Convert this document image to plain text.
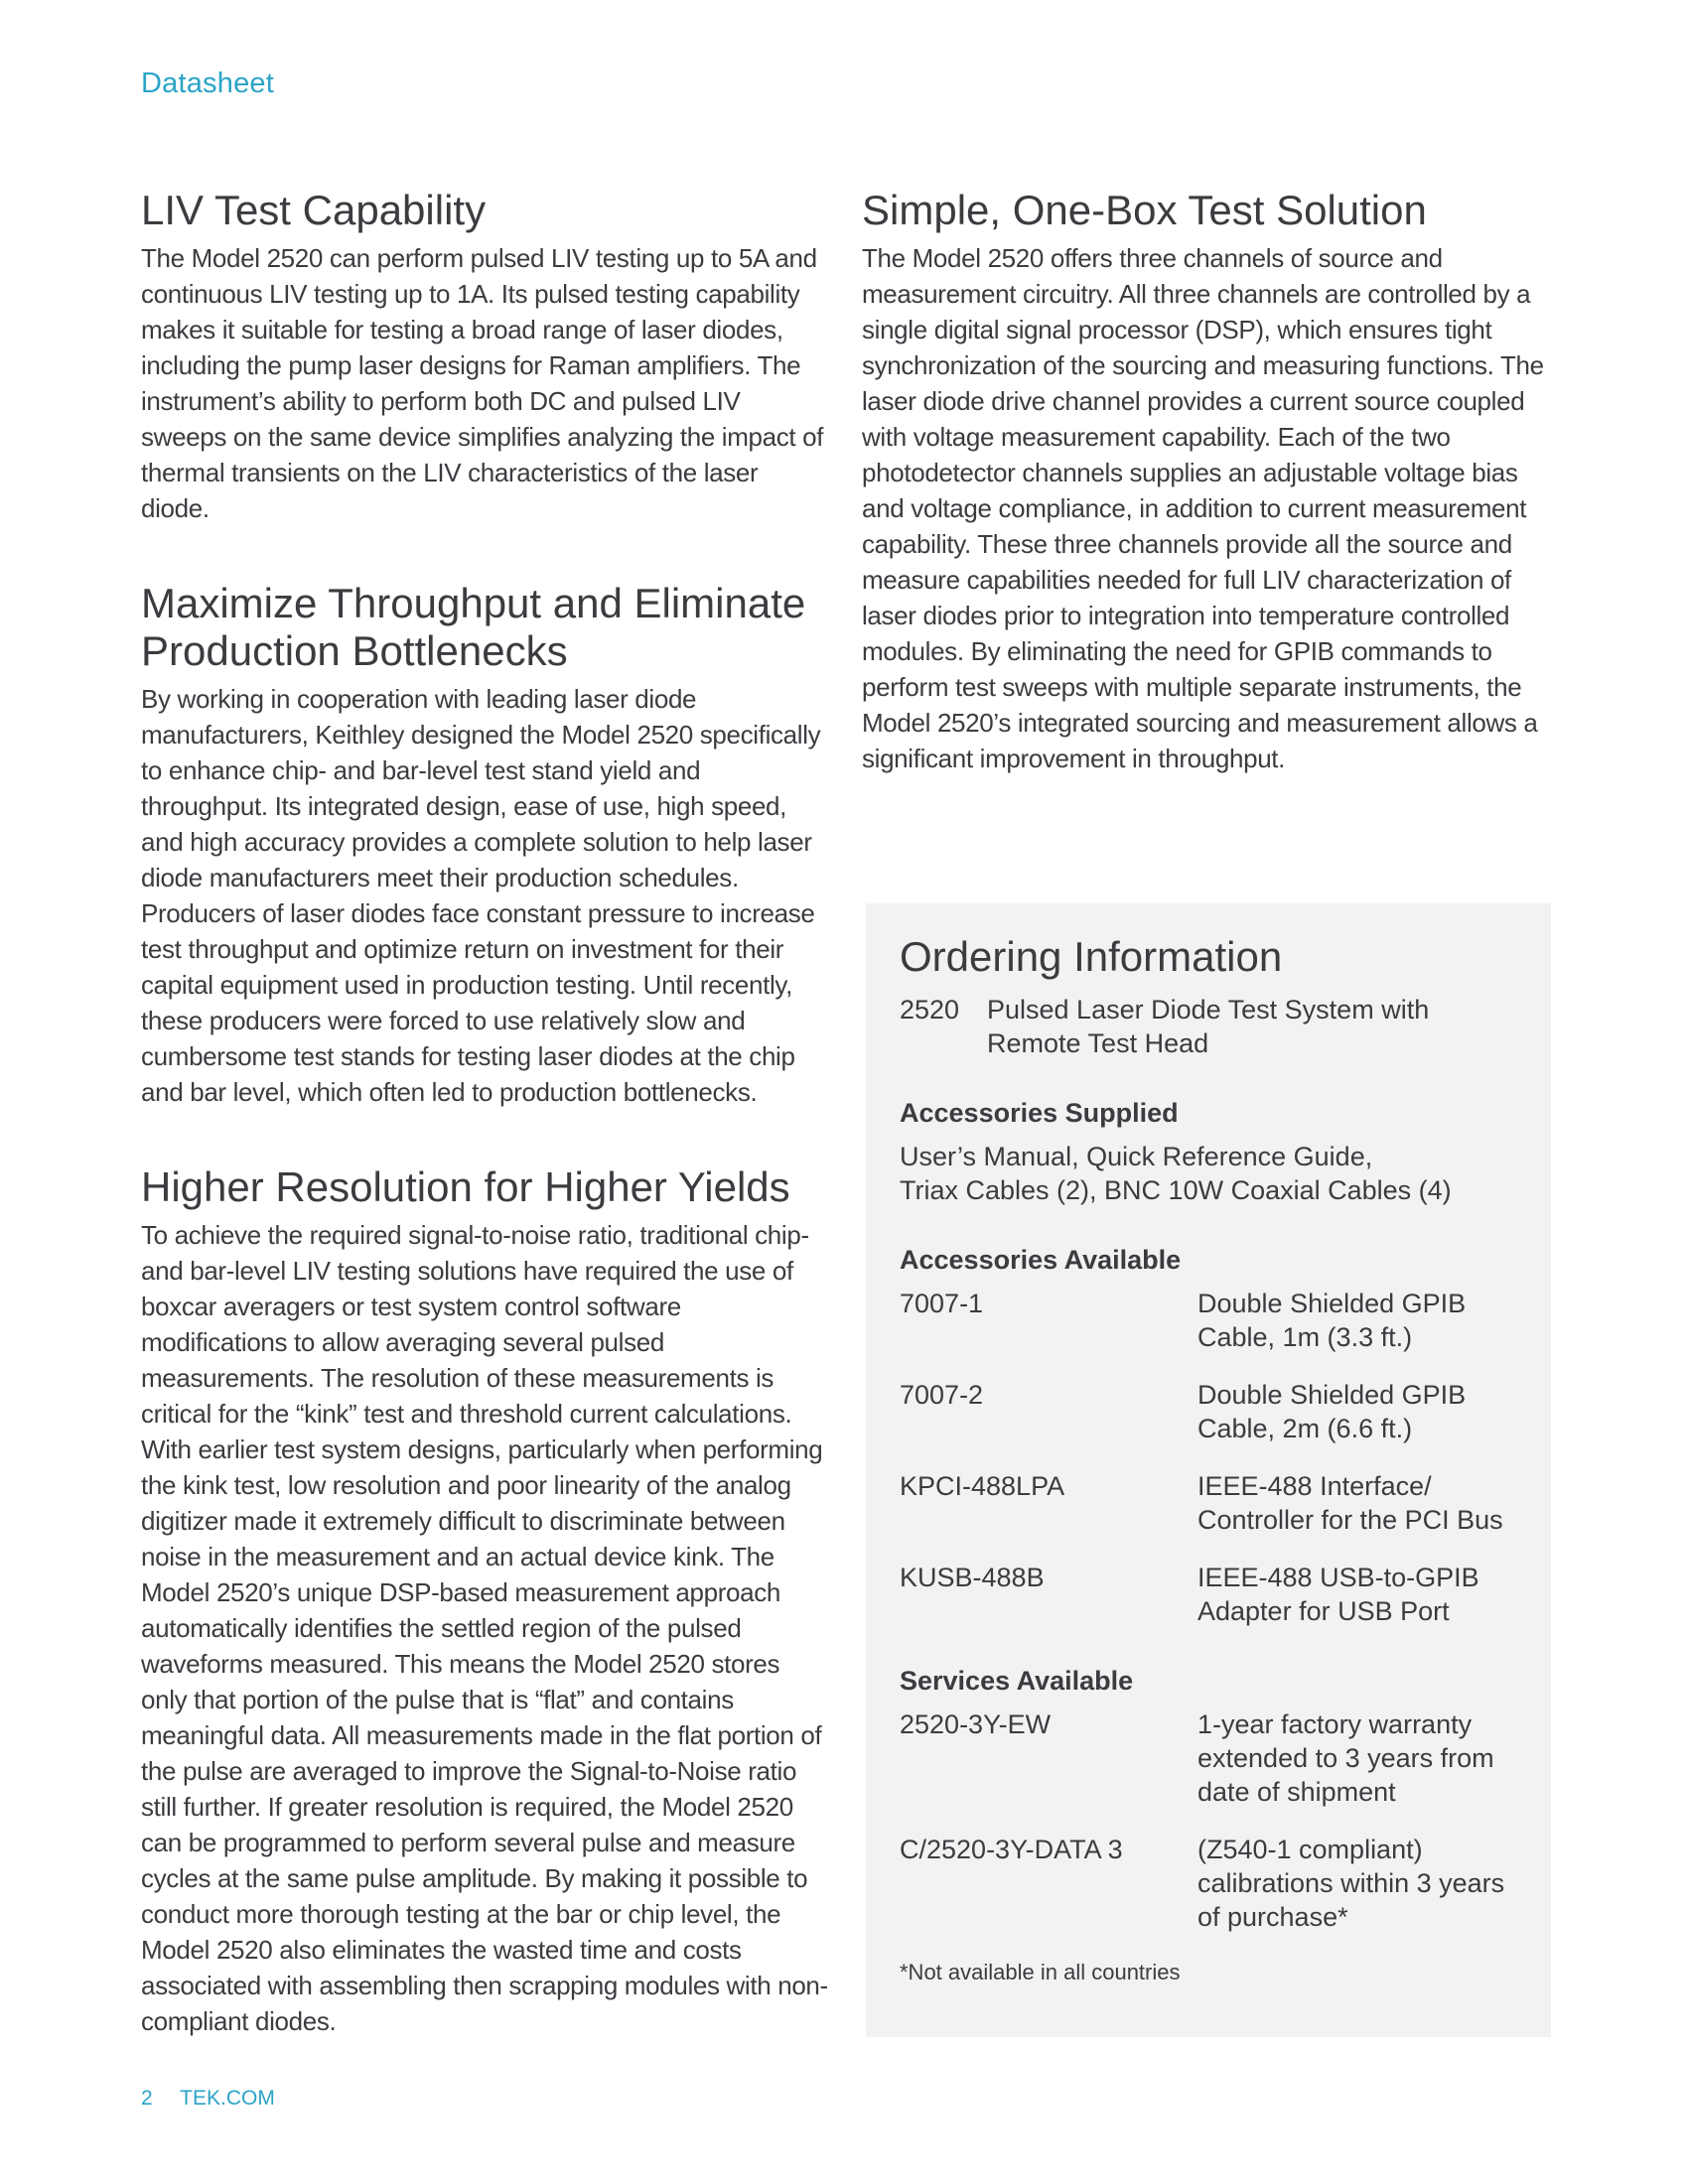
Datasheet
LIV Test Capability

The Model 2520 can perform pulsed LIV testing up to 5A and continuous LIV testing up to 1A. Its pulsed testing capability makes it suitable for testing a broad range of laser diodes, including the pump laser designs for Raman amplifiers. The instrument’s ability to perform both DC and pulsed LIV sweeps on the same device simplifies analyzing the impact of thermal transients on the LIV characteristics of the laser diode.

Maximize Throughput and Eliminate Production Bottlenecks

By working in cooperation with leading laser diode manufacturers, Keithley designed the Model 2520 specifically to enhance chip- and bar-level test stand yield and throughput. Its integrated design, ease of use, high speed, and high accuracy provides a complete solution to help laser diode manufacturers meet their production schedules. Producers of laser diodes face constant pressure to increase test throughput and optimize return on investment for their capital equipment used in production testing. Until recently, these producers were forced to use relatively slow and cumbersome test stands for testing laser diodes at the chip and bar level, which often led to production bottlenecks.

Higher Resolution for Higher Yields

To achieve the required signal-to-noise ratio, traditional chip- and bar-level LIV testing solutions have required the use of boxcar averagers or test system control software modifications to allow averaging several pulsed measurements. The resolution of these measurements is critical for the “kink” test and threshold current calculations. With earlier test system designs, particularly when performing the kink test, low resolution and poor linearity of the analog digitizer made it extremely difficult to discriminate between noise in the measurement and an actual device kink. The Model 2520’s unique DSP-based measurement approach automatically identifies the settled region of the pulsed waveforms measured. This means the Model 2520 stores only that portion of the pulse that is “flat” and contains meaningful data. All measurements made in the flat portion of the pulse are averaged to improve the Signal-to-Noise ratio still further. If greater resolution is required, the Model 2520 can be programmed to perform several pulse and measure cycles at the same pulse amplitude. By making it possible to conduct more thorough testing at the bar or chip level, the Model 2520 also eliminates the wasted time and costs associated with assembling then scrapping modules with non-compliant diodes.

Simple, One-Box Test Solution

The Model 2520 offers three channels of source and measurement circuitry. All three channels are controlled by a single digital signal processor (DSP), which ensures tight synchronization of the sourcing and measuring functions. The laser diode drive channel provides a current source coupled with voltage measurement capability. Each of the two photodetector channels supplies an adjustable voltage bias and voltage compliance, in addition to current measurement capability. These three channels provide all the source and measure capabilities needed for full LIV characterization of laser diodes prior to integration into temperature controlled modules. By eliminating the need for GPIB commands to perform test sweeps with multiple separate instruments, the Model 2520’s integrated sourcing and measurement allows a significant improvement in throughput.

Ordering Information
2520	Pulsed Laser Diode Test System with Remote Test Head
Accessories Supplied
User’s Manual, Quick Reference Guide,
Triax Cables (2), BNC 10W Coaxial Cables (4)
Accessories Available
7007-1	Double Shielded GPIB Cable, 1m (3.3 ft.)
7007-2	Double Shielded GPIB Cable, 2m (6.6 ft.)
KPCI-488LPA	IEEE-488 Interface/ Controller for the PCI Bus
KUSB-488B	IEEE-488 USB-to-GPIB Adapter for USB Port
Services Available
2520-3Y-EW	1-year factory warranty extended to 3 years from date of shipment
C/2520-3Y-DATA 3	(Z540-1 compliant) calibrations within 3 years of purchase*
*Not available in all countries
2 TEK.COM
